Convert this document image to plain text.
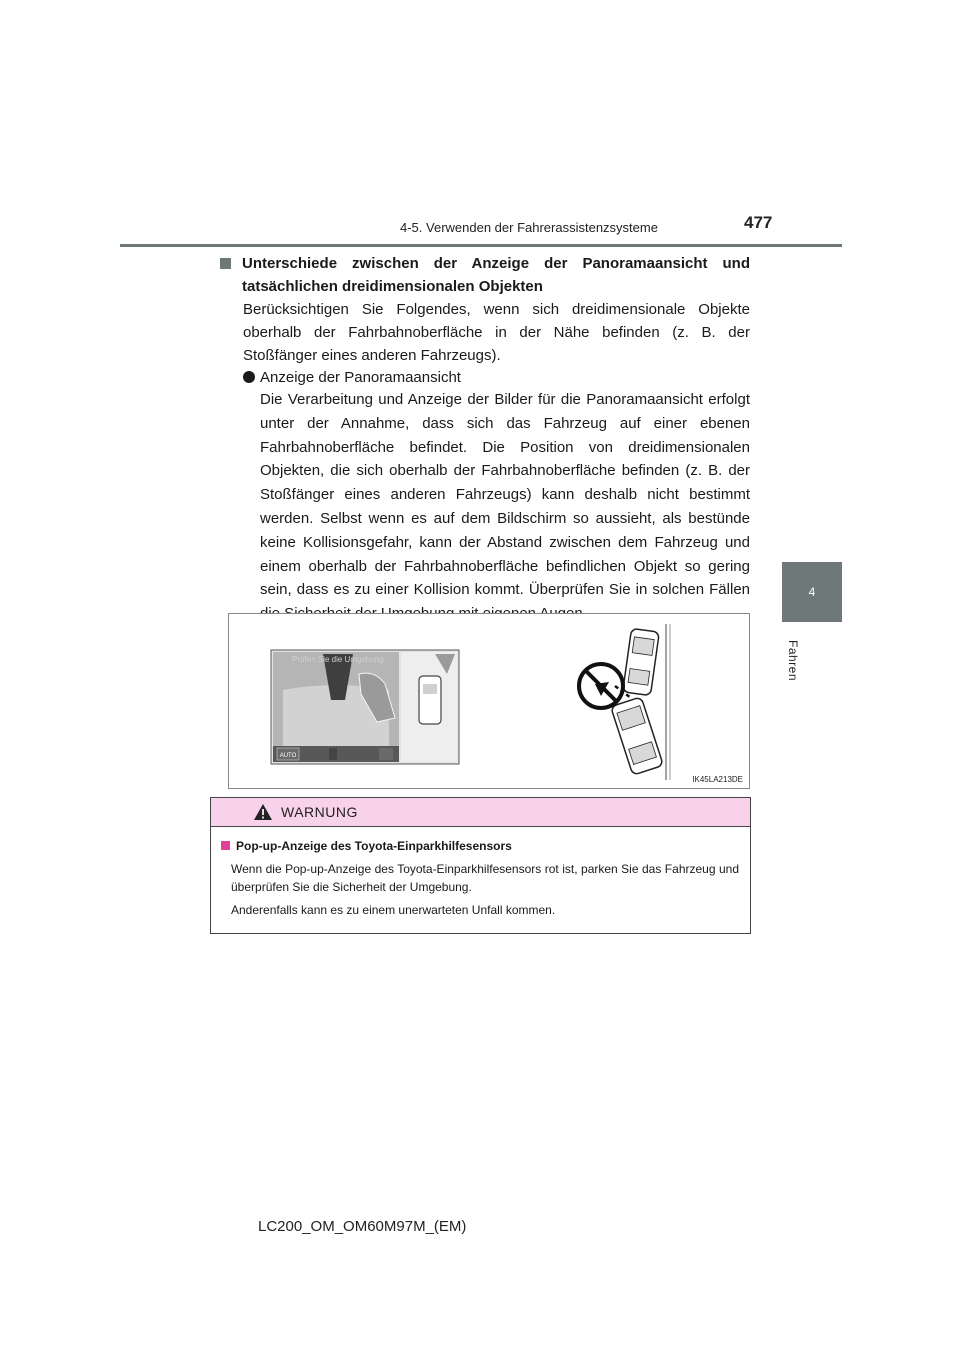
4-5. Verwenden der Fahrerassistenzsysteme	477
4
Fahren
Unterschiede zwischen der Anzeige der Panoramaansicht und tatsächlichen dreidimensionalen Objekten
Berücksichtigen Sie Folgendes, wenn sich dreidimensionale Objekte oberhalb der Fahrbahnoberfläche in der Nähe befinden (z. B. der Stoßfänger eines anderen Fahrzeugs).
Anzeige der Panoramaansicht
Die Verarbeitung und Anzeige der Bilder für die Panoramaansicht erfolgt unter der Annahme, dass sich das Fahrzeug auf einer ebenen Fahrbahnoberfläche befindet. Die Position von dreidimensionalen Objekten, die sich oberhalb der Fahrbahnoberfläche befinden (z. B. der Stoßfänger eines anderen Fahrzeugs) kann deshalb nicht bestimmt werden. Selbst wenn es auf dem Bildschirm so aussieht, als bestünde keine Kollisionsgefahr, kann der Abstand zwischen dem Fahrzeug und einem oberhalb der Fahrbahnoberfläche befindlichen Objekt so gering sein, dass es zu einer Kollision kommt. Überprüfen Sie in solchen Fällen
AUTO
Prüfen Sie die Umgebung.
IK45LA213DE
WARNUNG
Pop-up-Anzeige des Toyota-Einparkhilfesensors
Wenn die Pop-up-Anzeige des Toyota-Einparkhilfesensors rot ist, parken Sie das Fahrzeug und überprüfen Sie die Sicherheit der Umgebung.
Anderenfalls kann es zu einem unerwarteten Unfall kommen.
LC200_OM_OM60M97M_(EM)
